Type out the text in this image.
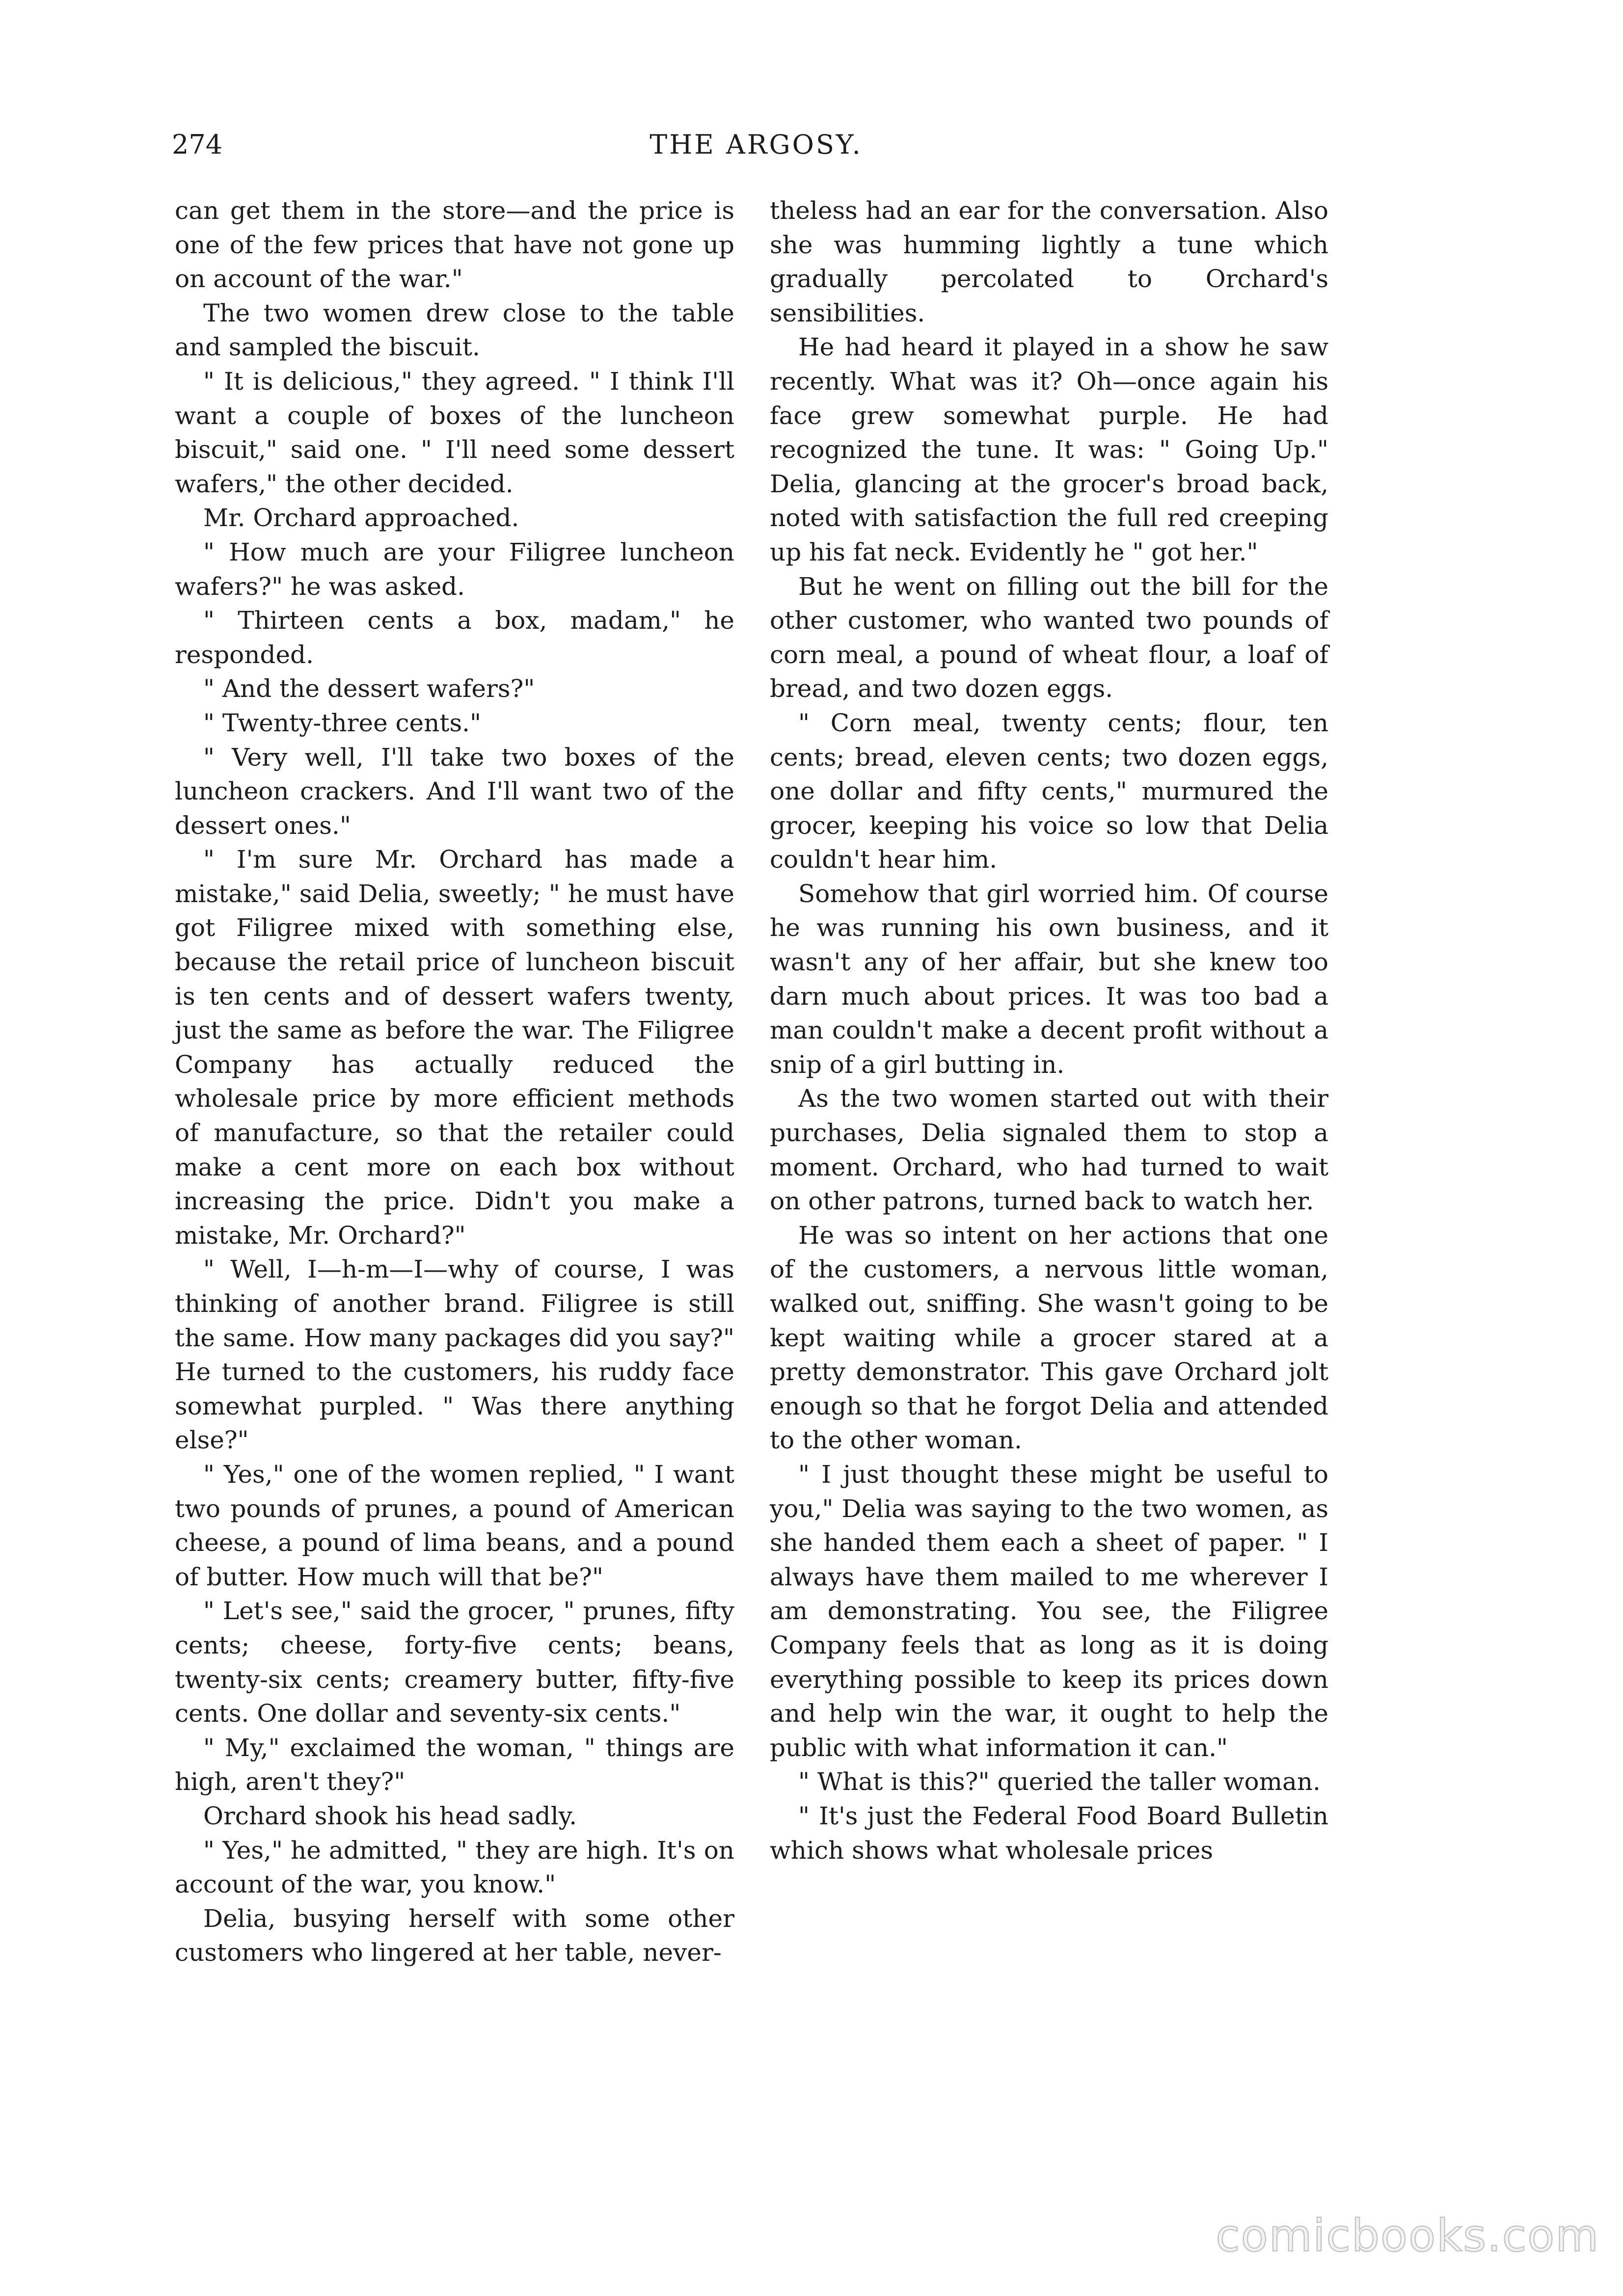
274	THE ARGOSY.

can get them in the store—and the price is one of the few prices that have not gone up on account of the war."

The two women drew close to the table and sampled the biscuit.

" It is delicious," they agreed. " I think I'll want a couple of boxes of the luncheon biscuit," said one. " I'll need some dessert wafers," the other decided.

Mr. Orchard approached.

" How much are your Filigree luncheon wafers?" he was asked.

" Thirteen cents a box, madam," he responded.

" And the dessert wafers?"

" Twenty-three cents."

" Very well, I'll take two boxes of the luncheon crackers. And I'll want two of the dessert ones."

" I'm sure Mr. Orchard has made a mistake," said Delia, sweetly; " he must have got Filigree mixed with something else, because the retail price of luncheon biscuit is ten cents and of dessert wafers twenty, just the same as before the war. The Filigree Company has actually reduced the wholesale price by more efficient methods of manufacture, so that the retailer could make a cent more on each box without increasing the price. Didn't you make a mistake, Mr. Orchard?"

" Well, I—h-m—I—why of course, I was thinking of another brand. Filigree is still the same. How many packages did you say?" He turned to the customers, his ruddy face somewhat purpled. " Was there anything else?"

" Yes," one of the women replied, " I want two pounds of prunes, a pound of American cheese, a pound of lima beans, and a pound of butter. How much will that be?"

" Let's see," said the grocer, " prunes, fifty cents; cheese, forty-five cents; beans, twenty-six cents; creamery butter, fifty-five cents. One dollar and seventy-six cents."

" My," exclaimed the woman, " things are high, aren't they?"

Orchard shook his head sadly.

" Yes," he admitted, " they are high. It's on account of the war, you know."

Delia, busying herself with some other customers who lingered at her table, never-

theless had an ear for the conversation. Also she was humming lightly a tune which gradually percolated to Orchard's sensibilities.

He had heard it played in a show he saw recently. What was it? Oh—once again his face grew somewhat purple. He had recognized the tune. It was: " Going Up." Delia, glancing at the grocer's broad back, noted with satisfaction the full red creeping up his fat neck. Evidently he " got her."

But he went on filling out the bill for the other customer, who wanted two pounds of corn meal, a pound of wheat flour, a loaf of bread, and two dozen eggs.

" Corn meal, twenty cents; flour, ten cents; bread, eleven cents; two dozen eggs, one dollar and fifty cents," murmured the grocer, keeping his voice so low that Delia couldn't hear him.

Somehow that girl worried him. Of course he was running his own business, and it wasn't any of her affair, but she knew too darn much about prices. It was too bad a man couldn't make a decent profit without a snip of a girl butting in.

As the two women started out with their purchases, Delia signaled them to stop a moment. Orchard, who had turned to wait on other patrons, turned back to watch her.

He was so intent on her actions that one of the customers, a nervous little woman, walked out, sniffing. She wasn't going to be kept waiting while a grocer stared at a pretty demonstrator. This gave Orchard jolt enough so that he forgot Delia and attended to the other woman.

" I just thought these might be useful to you," Delia was saying to the two women, as she handed them each a sheet of paper. " I always have them mailed to me wherever I am demonstrating. You see, the Filigree Company feels that as long as it is doing everything possible to keep its prices down and help win the war, it ought to help the public with what information it can."

" What is this?" queried the taller woman.

" It's just the Federal Food Board Bulletin which shows what wholesale prices

comicbooks.com
